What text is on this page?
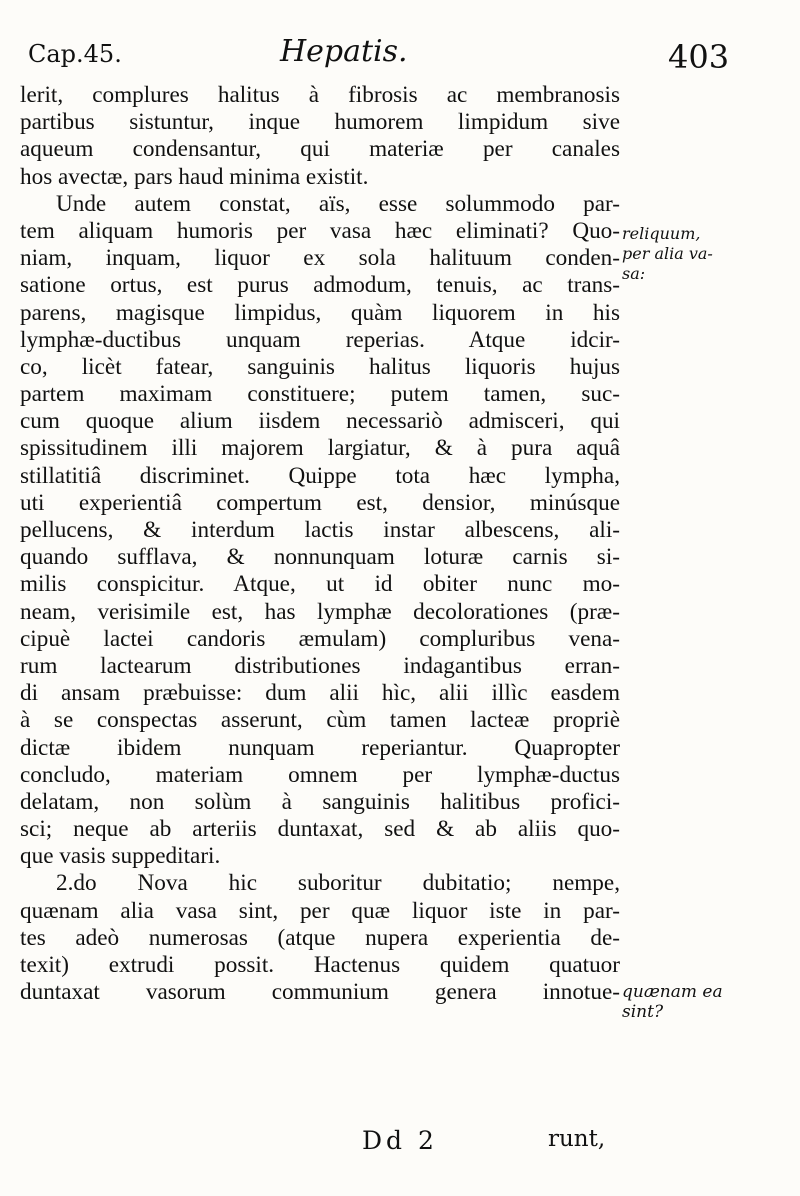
Cap.45.	Hepatis.	403
lerit, complures halitus à fibrosis ac membranosis
partibus sistuntur, inque humorem limpidum sive
aqueum condensantur, qui materiæ per canales
hos avectæ, pars haud minima existit.
Unde autem constat, aïs, esse solummodo par-
tem aliquam humoris per vasa hæc eliminati? Quo-
niam, inquam, liquor ex sola halituum conden-
satione ortus, est purus admodum, tenuis, ac trans-
parens, magisque limpidus, quàm liquorem in his
lymphæ-ductibus unquam reperias. Atque idcir-
co, licèt fatear, sanguinis halitus liquoris hujus
partem maximam constituere; putem tamen, suc-
cum quoque alium iisdem necessariò admisceri, qui
spissitudinem illi majorem largiatur, & à pura aquâ
stillatitiâ discriminet. Quippe tota hæc lympha,
uti experientiâ compertum est, densior, minúsque
pellucens, & interdum lactis instar albescens, ali-
quando sufflava, & nonnunquam loturæ carnis si-
milis conspicitur. Atque, ut id obiter nunc mo-
neam, verisimile est, has lymphæ decolorationes (præ-
cipuè lactei candoris æmulam) compluribus vena-
rum lactearum distributiones indagantibus erran-
di ansam præbuisse: dum alii hìc, alii illìc easdem
à se conspectas asserunt, cùm tamen lacteæ propriè
dictæ ibidem nunquam reperiantur. Quapropter
concludo, materiam omnem per lymphæ-ductus
delatam, non solùm à sanguinis halitibus profici-
sci; neque ab arteriis duntaxat, sed & ab aliis quo-
que vasis suppeditari.
2.do Nova hic suboritur dubitatio; nempe,
quænam alia vasa sint, per quæ liquor iste in par-
tes adeò numerosas (atque nupera experientia de-
texit) extrudi possit. Hactenus quidem quatuor
duntaxat vasorum communium genera innotue-
reliquum,
per alia va-
sa:
quænam ea
sint?
Dd 2	runt,
